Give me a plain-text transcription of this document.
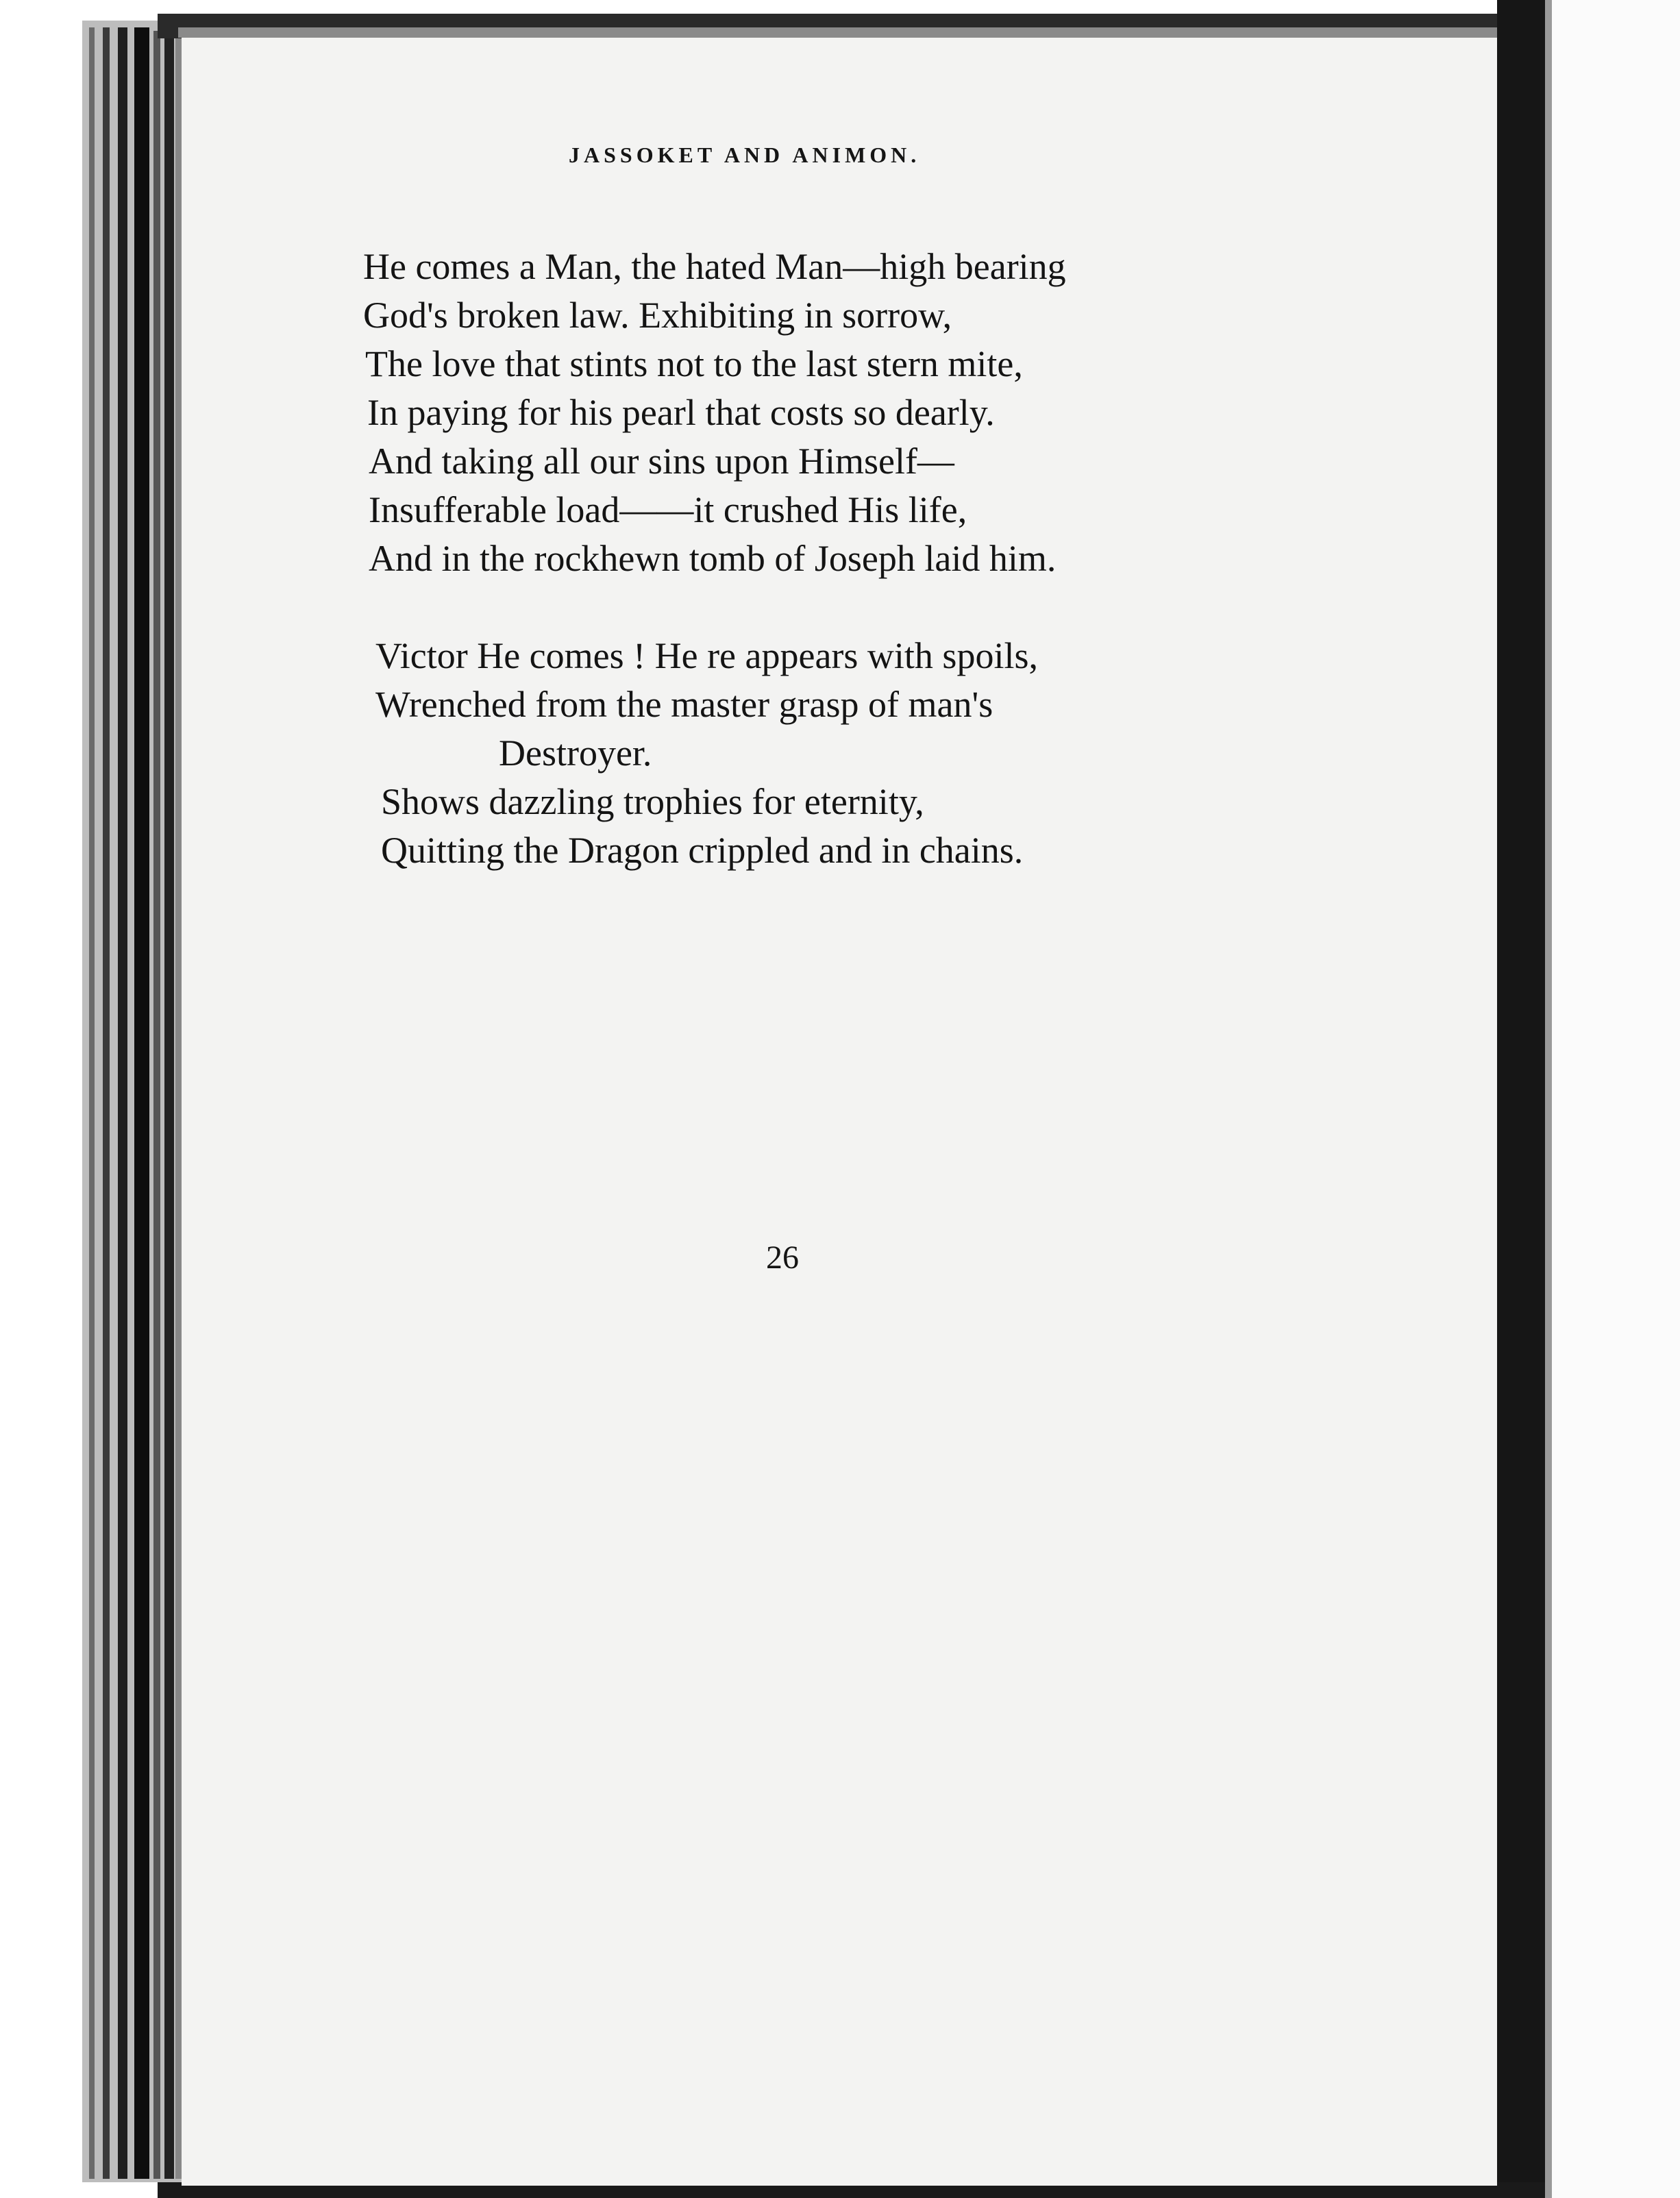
JASSOKET AND ANIMON.
He comes a Man, the hated Man—high bearing
God's broken law. Exhibiting in sorrow,
The love that stints not to the last stern mite,
In paying for his pearl that costs so dearly.
And taking all our sins upon Himself—
Insufferable load——it crushed His life,
And in the rockhewn tomb of Joseph laid him.
Victor He comes ! He re appears with spoils,
Wrenched from the master grasp of man's
Destroyer.
Shows dazzling trophies for eternity,
Quitting the Dragon crippled and in chains.
26
